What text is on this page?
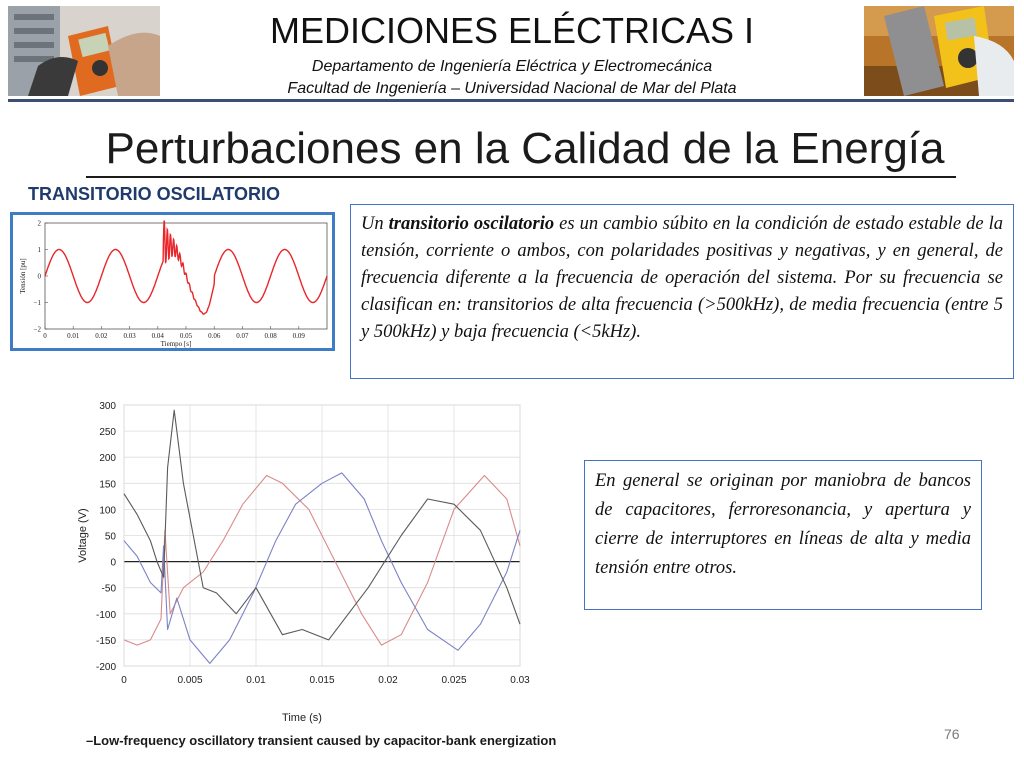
MEDICIONES ELÉCTRICAS I
Departamento de Ingeniería Eléctrica y Electromecánica
Facultad de Ingeniería – Universidad Nacional de Mar del Plata
Perturbaciones en la Calidad de la Energía
TRANSITORIO OSCILATORIO
0	0.01 0.02 0.03 0.04 0.05 0.06 0.07 0.08 0.09
−2
−1
0
1
2
Tiempo [s]
Tensión [pu]
Un transitorio oscilatorio es un cambio súbito en la condición de estado estable de la tensión, corriente o ambos, con polaridades positivas y negativas, y en general, de frecuencia diferente a la frecuencia de operación del sistema. Por su frecuencia se clasifican en: transitorios de alta frecuencia (>500kHz), de media frecuencia (entre 5 y 500kHz) y baja frecuencia (<5kHz).
300
250
200
150
100
50
0
-50
-100
-150
-200
0	0.005	0.01	0.015	0.02	0.025	0.03
Time (s)
Voltage (V)
En general se originan por maniobra de bancos de capacitores, ferroresonancia, y apertura y cierre de interruptores en líneas de alta y media tensión entre otros.
–Low-frequency oscillatory transient caused by capacitor-bank energization	76
